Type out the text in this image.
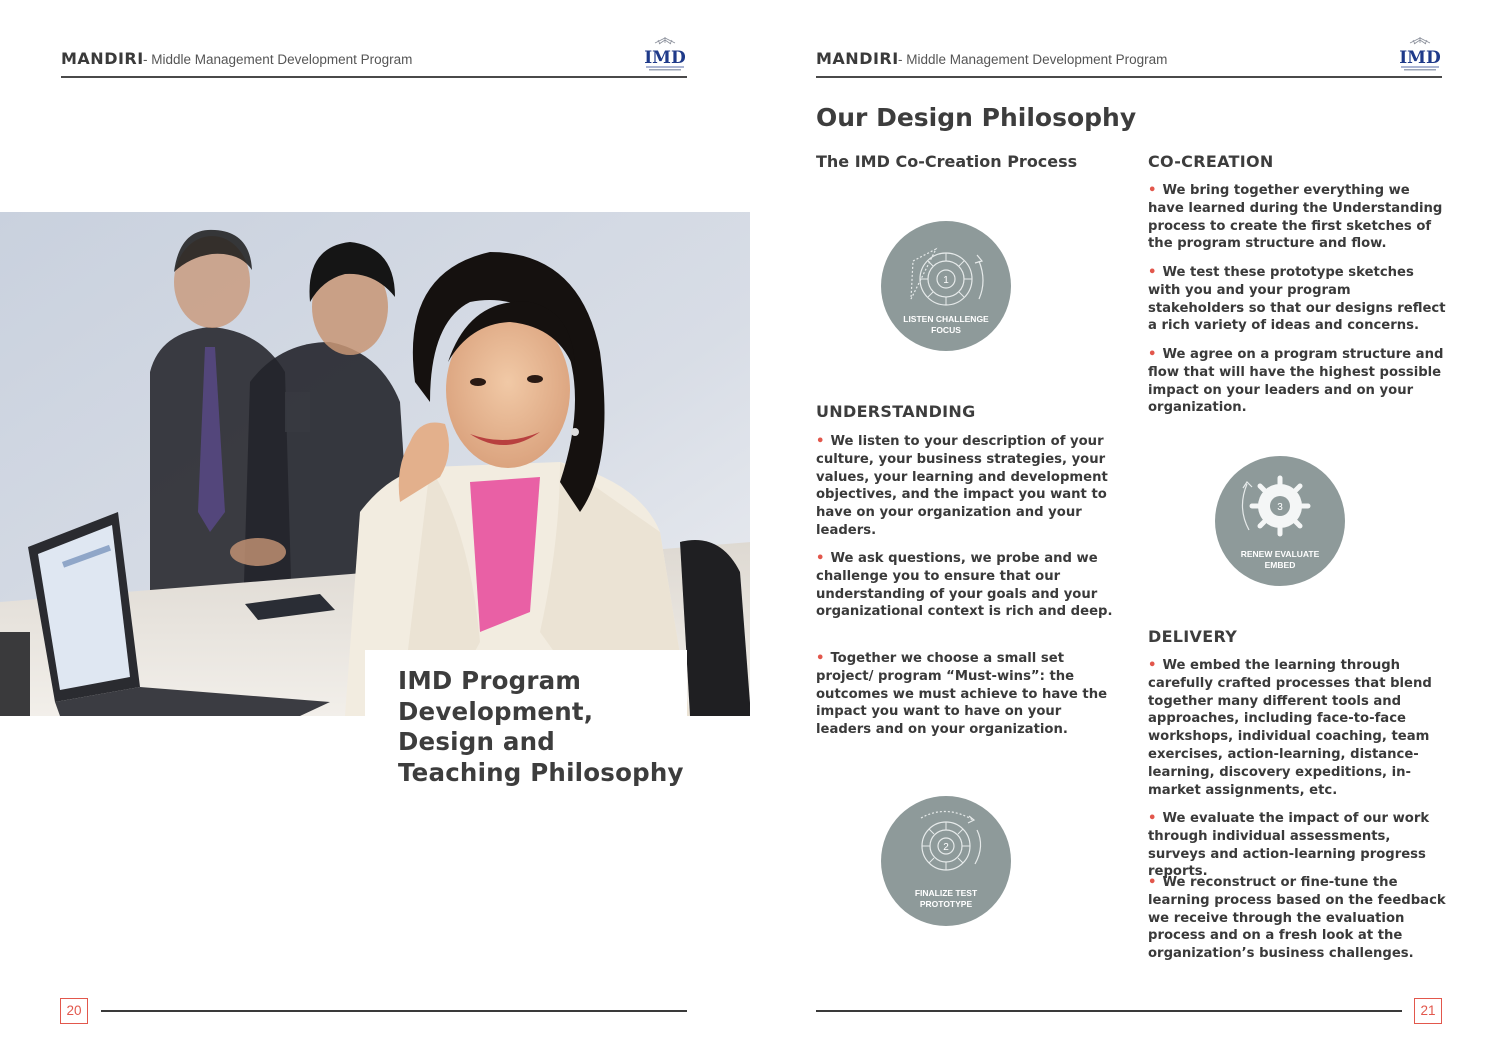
MANDIRI - Middle Management Development Program	IMD
IMD Program Development, Design and Teaching Philosophy
20
MANDIRI - Middle Management Development Program	IMD
Our Design Philosophy
The IMD Co-Creation Process
1
LISTEN CHALLENGE
FOCUS
UNDERSTANDING
• We listen to your description of your culture, your business strategies, your values, your learning and development objectives, and the impact you want to have on your organization and your leaders.
• We ask questions, we probe and we challenge you to ensure that our understanding of your goals and your organizational context is rich and deep.
• Together we choose a small set project/ program “Must-wins”: the outcomes we must achieve to have the impact you want to have on your leaders and on your organization.
2
FINALIZE TEST
PROTOTYPE
CO-CREATION
• We bring together everything we have learned during the Understanding process to create the first sketches of the program structure and flow.
• We test these prototype sketches with you and your program stakeholders so that our designs reflect a rich variety of ideas and concerns.
• We agree on a program structure and flow that will have the highest possible impact on your leaders and on your organization.
3
RENEW EVALUATE
EMBED
DELIVERY
• We embed the learning through carefully crafted processes that blend together many different tools and approaches, including face-to-face workshops, individual coaching, team exercises, action-learning, distance-learning, discovery expeditions, in-market assignments, etc.
• We evaluate the impact of our work through individual assessments, surveys and action-learning progress reports.
• We reconstruct or fine-tune the learning process based on the feedback we receive through the evaluation process and on a fresh look at the organization’s business challenges.
21
